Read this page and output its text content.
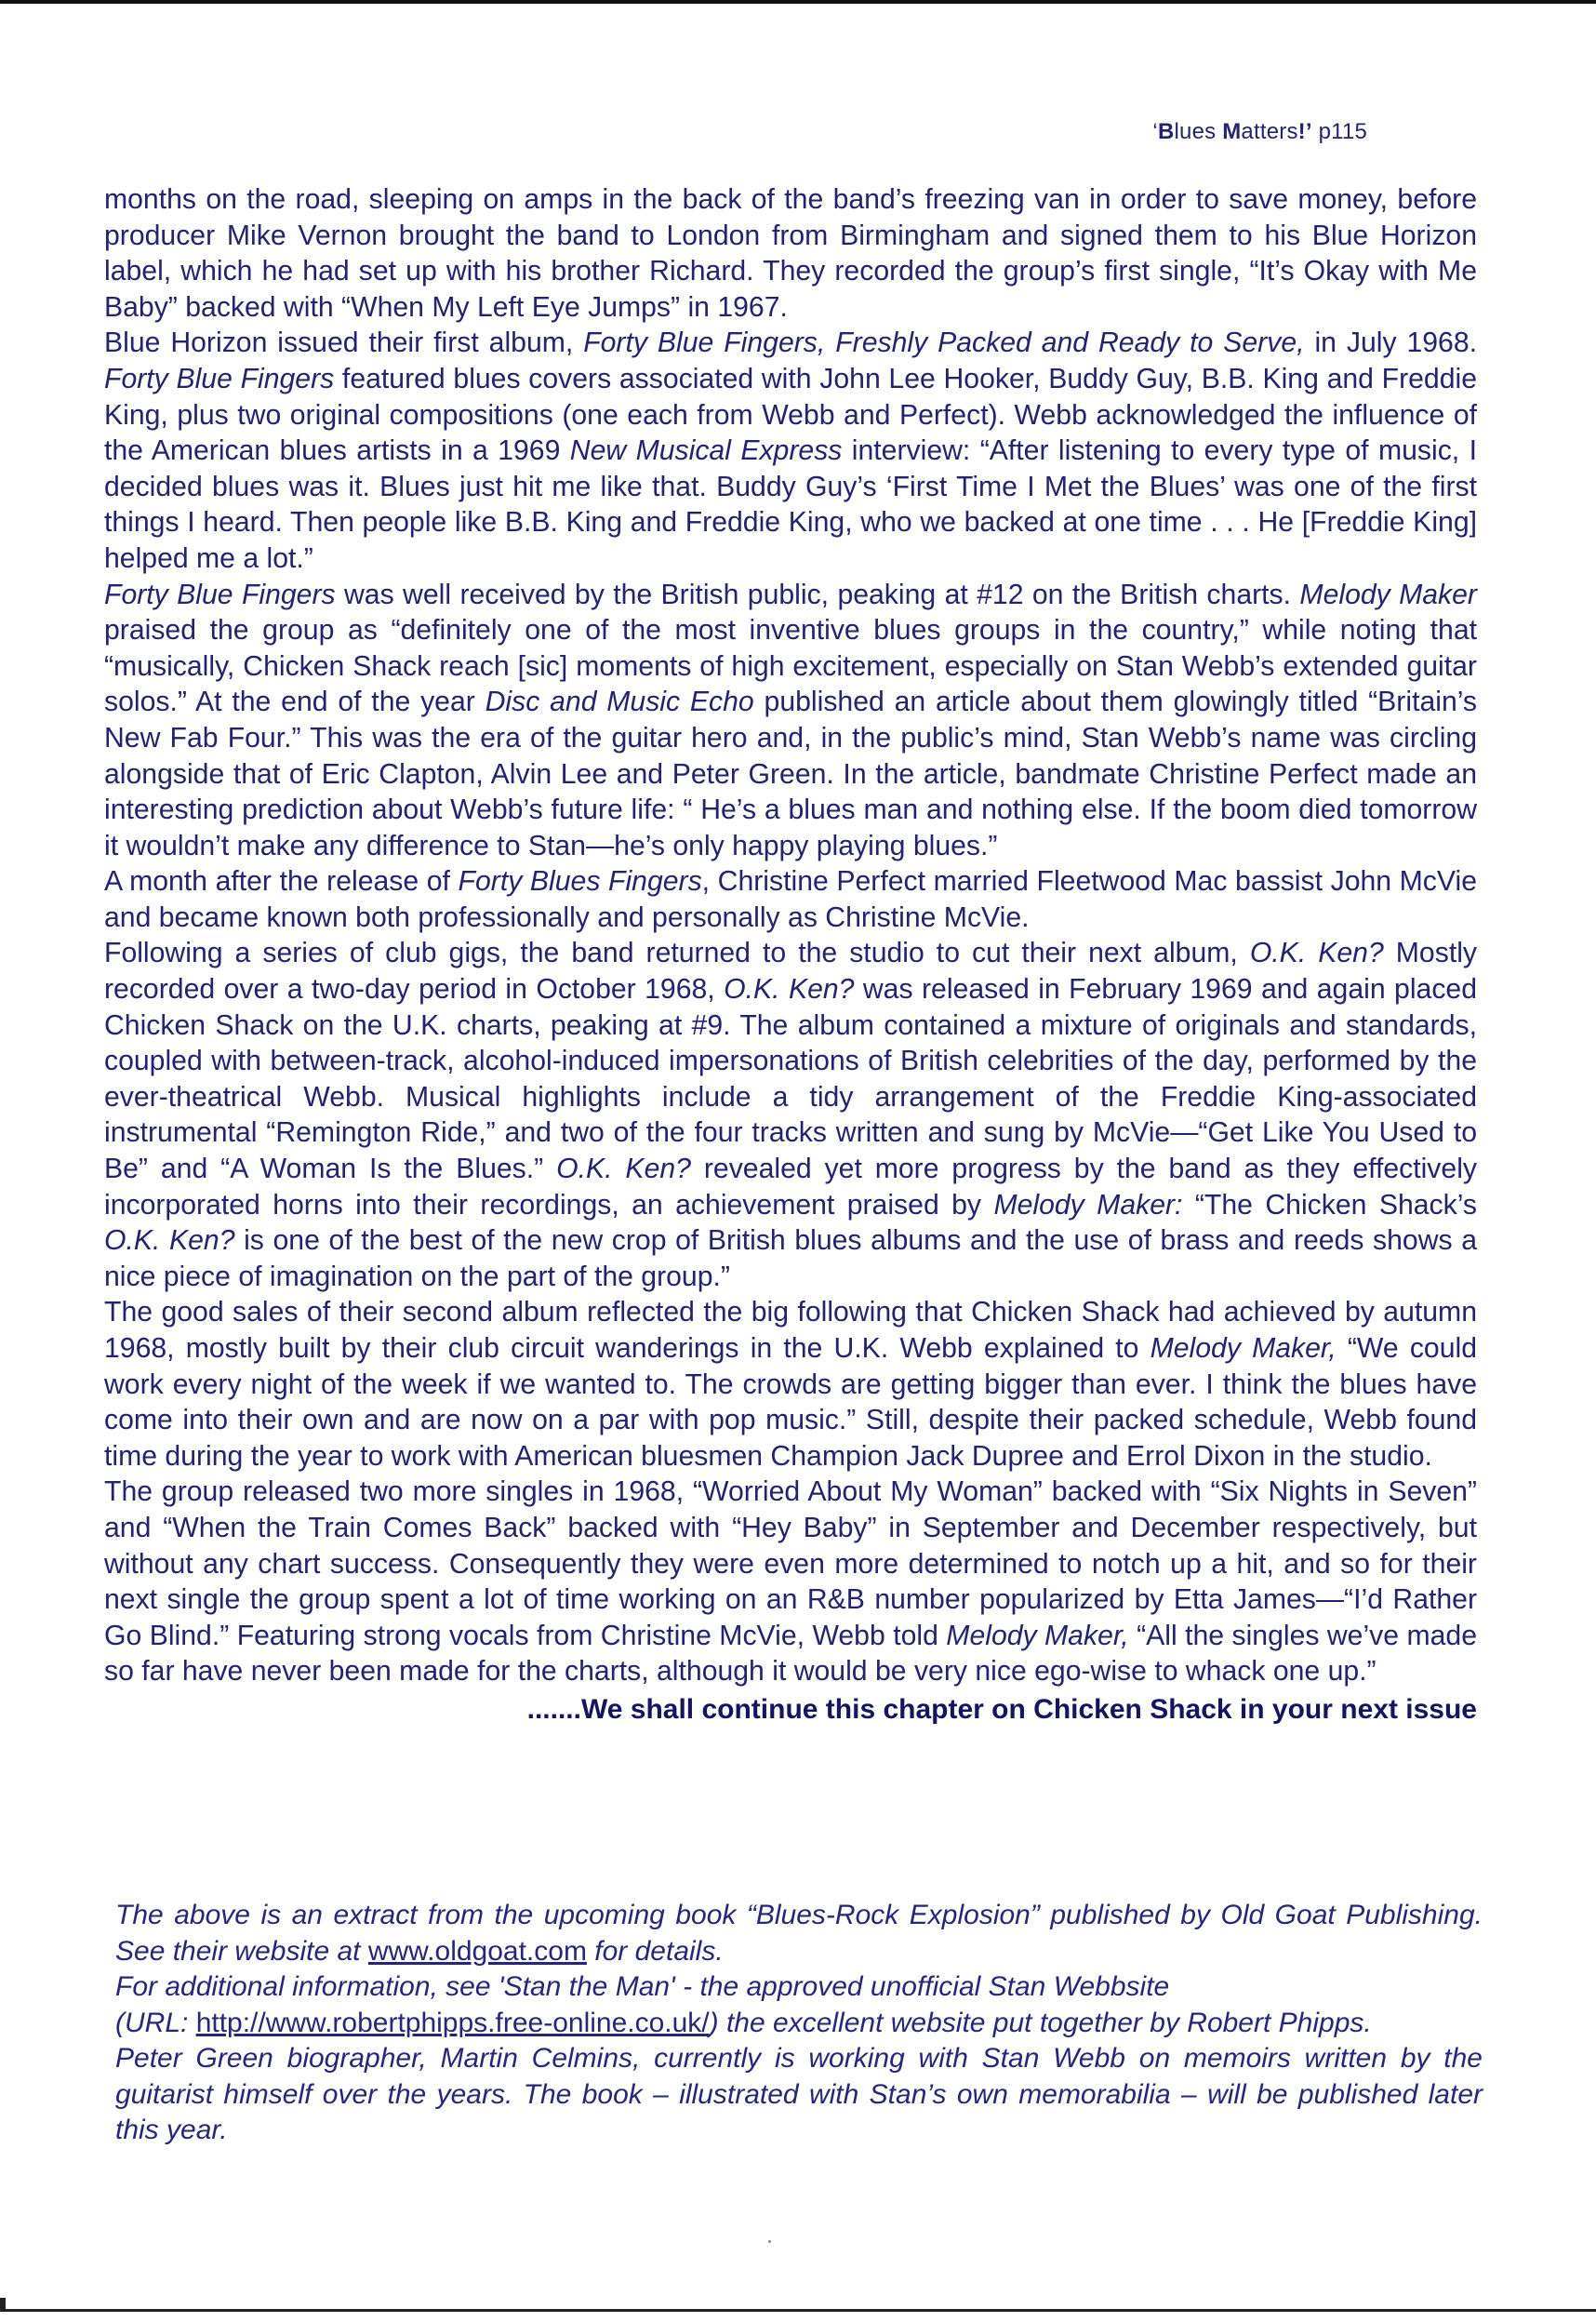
‘Blues Matters!’ p115

months on the road, sleeping on amps in the back of the band’s freezing van in order to save money, before producer Mike Vernon brought the band to London from Birmingham and signed them to his Blue Horizon label, which he had set up with his brother Richard. They recorded the group’s first single, “It’s Okay with Me Baby” backed with “When My Left Eye Jumps” in 1967.

Blue Horizon issued their first album, Forty Blue Fingers, Freshly Packed and Ready to Serve, in July 1968. Forty Blue Fingers featured blues covers associated with John Lee Hooker, Buddy Guy, B.B. King and Freddie King, plus two original compositions (one each from Webb and Perfect). Webb acknowledged the influence of the American blues artists in a 1969 New Musical Express interview: “After listening to every type of music, I decided blues was it. Blues just hit me like that. Buddy Guy’s ‘First Time I Met the Blues’ was one of the first things I heard. Then people like B.B. King and Freddie King, who we backed at one time . . . He [Freddie King] helped me a lot.”

Forty Blue Fingers was well received by the British public, peaking at #12 on the British charts. Melody Maker praised the group as “definitely one of the most inventive blues groups in the country,” while noting that “musically, Chicken Shack reach [sic] moments of high excitement, especially on Stan Webb’s extended guitar solos.” At the end of the year Disc and Music Echo published an article about them glowingly titled “Britain’s New Fab Four.” This was the era of the guitar hero and, in the public’s mind, Stan Webb’s name was circling alongside that of Eric Clapton, Alvin Lee and Peter Green. In the article, bandmate Christine Perfect made an interesting prediction about Webb’s future life: “ He’s a blues man and nothing else. If the boom died tomorrow it wouldn’t make any difference to Stan—he’s only happy playing blues.”

A month after the release of Forty Blues Fingers, Christine Perfect married Fleetwood Mac bassist John McVie and became known both professionally and personally as Christine McVie.

Following a series of club gigs, the band returned to the studio to cut their next album, O.K. Ken? Mostly recorded over a two-day period in October 1968, O.K. Ken? was released in February 1969 and again placed Chicken Shack on the U.K. charts, peaking at #9. The album contained a mixture of originals and standards, coupled with between-track, alcohol-induced impersonations of British celebrities of the day, performed by the ever-theatrical Webb. Musical highlights include a tidy arrangement of the Freddie King-associated instrumental “Remington Ride,” and two of the four tracks written and sung by McVie—“Get Like You Used to Be” and “A Woman Is the Blues.” O.K. Ken? revealed yet more progress by the band as they effectively incorporated horns into their recordings, an achievement praised by Melody Maker: “The Chicken Shack’s O.K. Ken? is one of the best of the new crop of British blues albums and the use of brass and reeds shows a nice piece of imagination on the part of the group.”

The good sales of their second album reflected the big following that Chicken Shack had achieved by autumn 1968, mostly built by their club circuit wanderings in the U.K. Webb explained to Melody Maker, “We could work every night of the week if we wanted to. The crowds are getting bigger than ever. I think the blues have come into their own and are now on a par with pop music.” Still, despite their packed schedule, Webb found time during the year to work with American bluesmen Champion Jack Dupree and Errol Dixon in the studio.

The group released two more singles in 1968, “Worried About My Woman” backed with “Six Nights in Seven” and “When the Train Comes Back” backed with “Hey Baby” in September and December respectively, but without any chart success. Consequently they were even more determined to notch up a hit, and so for their next single the group spent a lot of time working on an R&B number popularized by Etta James—“I’d Rather Go Blind.” Featuring strong vocals from Christine McVie, Webb told Melody Maker, “All the singles we’ve made so far have never been made for the charts, although it would be very nice ego-wise to whack one up.”

.......We shall continue this chapter on Chicken Shack in your next issue

The above is an extract from the upcoming book “Blues-Rock Explosion” published by Old Goat Publishing. See their website at www.oldgoat.com for details.

For additional information, see 'Stan the Man' - the approved unofficial Stan Webbsite

(URL: http://www.robertphipps.free-online.co.uk/) the excellent website put together by Robert Phipps.

Peter Green biographer, Martin Celmins, currently is working with Stan Webb on memoirs written by the guitarist himself over the years. The book – illustrated with Stan’s own memorabilia – will be published later this year.
